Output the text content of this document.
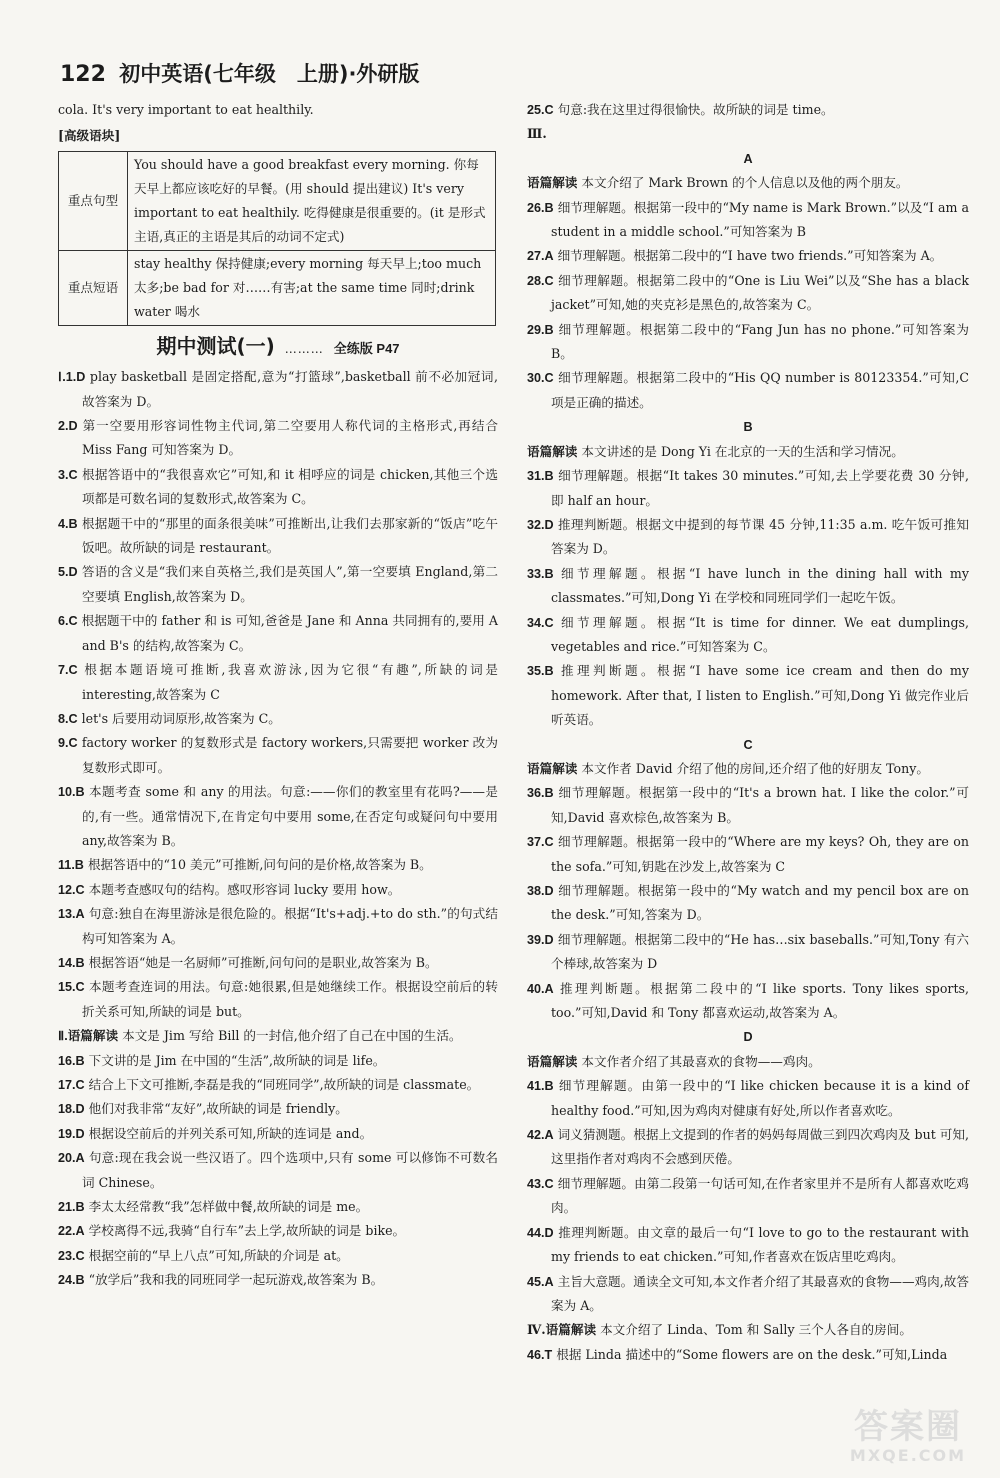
122 初中英语(七年级　上册)·外研版
cola. It's very important to eat healthily.
[高级语块]
重点句型	You should have a good breakfast every morning. 你每天早上都应该吃好的早餐。(用 should 提出建议) It's very important to eat healthily. 吃得健康是很重要的。(it 是形式主语,真正的主语是其后的动词不定式)
重点短语	stay healthy 保持健康;every morning 每天早上;too much 太多;be bad for 对……有害;at the same time 同时;drink water 喝水
期中测试(一) ……… 全练版 P47
Ⅰ.1.D play basketball 是固定搭配,意为“打篮球”,basketball 前不必加冠词,故答案为 D。
2.D 第一空要用形容词性物主代词,第二空要用人称代词的主格形式,再结合 Miss Fang 可知答案为 D。
3.C 根据答语中的“我很喜欢它”可知,和 it 相呼应的词是 chicken,其他三个选项都是可数名词的复数形式,故答案为 C。
4.B 根据题干中的“那里的面条很美味”可推断出,让我们去那家新的“饭店”吃午饭吧。故所缺的词是 restaurant。
5.D 答语的含义是“我们来自英格兰,我们是英国人”,第一空要填 England,第二空要填 English,故答案为 D。
6.C 根据题干中的 father 和 is 可知,爸爸是 Jane 和 Anna 共同拥有的,要用 A and B's 的结构,故答案为 C。
7.C 根据本题语境可推断,我喜欢游泳,因为它很“有趣”,所缺的词是 interesting,故答案为 C
8.C let's 后要用动词原形,故答案为 C。
9.C factory worker 的复数形式是 factory workers,只需要把 worker 改为复数形式即可。
10.B 本题考查 some 和 any 的用法。句意:——你们的教室里有花吗?——是的,有一些。通常情况下,在肯定句中要用 some,在否定句或疑问句中要用 any,故答案为 B。
11.B 根据答语中的“10 美元”可推断,问句问的是价格,故答案为 B。
12.C 本题考查感叹句的结构。感叹形容词 lucky 要用 how。
13.A 句意:独自在海里游泳是很危险的。根据“It's+adj.+to do sth.”的句式结构可知答案为 A。
14.B 根据答语“她是一名厨师”可推断,问句问的是职业,故答案为 B。
15.C 本题考查连词的用法。句意:她很累,但是她继续工作。根据设空前后的转折关系可知,所缺的词是 but。
Ⅱ.语篇解读 本文是 Jim 写给 Bill 的一封信,他介绍了自己在中国的生活。
16.B 下文讲的是 Jim 在中国的“生活”,故所缺的词是 life。
17.C 结合上下文可推断,李磊是我的“同班同学”,故所缺的词是 classmate。
18.D 他们对我非常“友好”,故所缺的词是 friendly。
19.D 根据设空前后的并列关系可知,所缺的连词是 and。
20.A 句意:现在我会说一些汉语了。四个选项中,只有 some 可以修饰不可数名词 Chinese。
21.B 李太太经常教“我”怎样做中餐,故所缺的词是 me。
22.A 学校离得不远,我骑“自行车”去上学,故所缺的词是 bike。
23.C 根据空前的“早上八点”可知,所缺的介词是 at。
24.B “放学后”我和我的同班同学一起玩游戏,故答案为 B。
25.C 句意:我在这里过得很愉快。故所缺的词是 time。
Ⅲ.
A
语篇解读 本文介绍了 Mark Brown 的个人信息以及他的两个朋友。
26.B 细节理解题。根据第一段中的“My name is Mark Brown.”以及“I am a student in a middle school.”可知答案为 B
27.A 细节理解题。根据第二段中的“I have two friends.”可知答案为 A。
28.C 细节理解题。根据第二段中的“One is Liu Wei”以及“She has a black jacket”可知,她的夹克衫是黑色的,故答案为 C。
29.B 细节理解题。根据第二段中的“Fang Jun has no phone.”可知答案为 B。
30.C 细节理解题。根据第二段中的“His QQ number is 80123354.”可知,C 项是正确的描述。
B
语篇解读 本文讲述的是 Dong Yi 在北京的一天的生活和学习情况。
31.B 细节理解题。根据“It takes 30 minutes.”可知,去上学要花费 30 分钟,即 half an hour。
32.D 推理判断题。根据文中提到的每节课 45 分钟,11:35 a.m. 吃午饭可推知答案为 D。
33.B 细节理解题。根据“I have lunch in the dining hall with my classmates.”可知,Dong Yi 在学校和同班同学们一起吃午饭。
34.C 细节理解题。根据“It is time for dinner. We eat dumplings, vegetables and rice.”可知答案为 C。
35.B 推理判断题。根据“I have some ice cream and then do my homework. After that, I listen to English.”可知,Dong Yi 做完作业后听英语。
C
语篇解读 本文作者 David 介绍了他的房间,还介绍了他的好朋友 Tony。
36.B 细节理解题。根据第一段中的“It's a brown hat. I like the color.”可知,David 喜欢棕色,故答案为 B。
37.C 细节理解题。根据第一段中的“Where are my keys? Oh, they are on the sofa.”可知,钥匙在沙发上,故答案为 C
38.D 细节理解题。根据第一段中的“My watch and my pencil box are on the desk.”可知,答案为 D。
39.D 细节理解题。根据第二段中的“He has…six baseballs.”可知,Tony 有六个棒球,故答案为 D
40.A 推理判断题。根据第二段中的“I like sports. Tony likes sports, too.”可知,David 和 Tony 都喜欢运动,故答案为 A。
D
语篇解读 本文作者介绍了其最喜欢的食物——鸡肉。
41.B 细节理解题。由第一段中的“I like chicken because it is a kind of healthy food.”可知,因为鸡肉对健康有好处,所以作者喜欢吃。
42.A 词义猜测题。根据上文提到的作者的妈妈每周做三到四次鸡肉及 but 可知,这里指作者对鸡肉不会感到厌倦。
43.C 细节理解题。由第二段第一句话可知,在作者家里并不是所有人都喜欢吃鸡肉。
44.D 推理判断题。由文章的最后一句“I love to go to the restaurant with my friends to eat chicken.”可知,作者喜欢在饭店里吃鸡肉。
45.A 主旨大意题。通读全文可知,本文作者介绍了其最喜欢的食物——鸡肉,故答案为 A。
Ⅳ.语篇解读 本文介绍了 Linda、Tom 和 Sally 三个人各自的房间。
46.T 根据 Linda 描述中的“Some flowers are on the desk.”可知,Linda
答案圈
MXQE.COM
